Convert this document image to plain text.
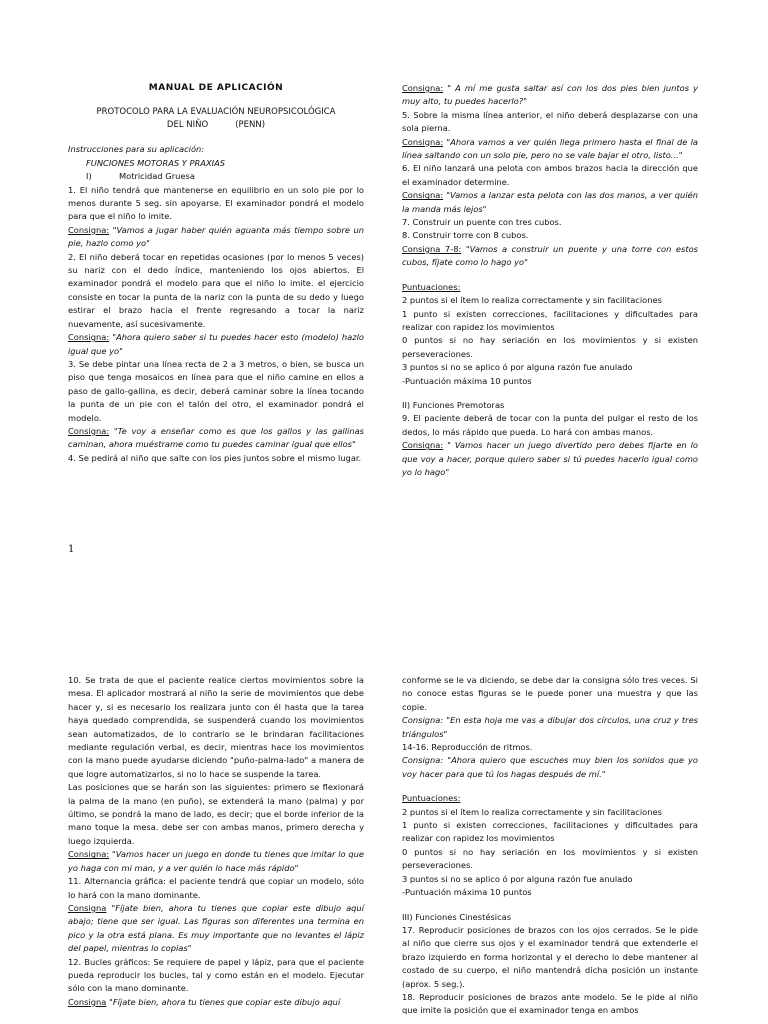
MANUAL DE APLICACIÓN

PROTOCOLO PARA LA EVALUACIÓN NEUROPSICOLÓGICA

DEL NIÑO          (PENN)

Instrucciones para su aplicación:

FUNCIONES MOTORAS Y PRAXIAS

I)	Motricidad Gruesa

1. El niño tendrá que mantenerse en equilibrio en un solo pie por lo menos durante 5 seg. sin apoyarse. El examinador pondrá el modelo para que el niño lo imite.

Consigna: "Vamos a jugar haber quién aguanta más tiempo sobre un pie, hazlo como yo"

2. El niño deberá tocar en repetidas ocasiones (por lo menos 5 veces) su nariz con el dedo índice, manteniendo los ojos abiertos. El examinador pondrá el modelo para que el niño lo imite. el ejercicio consiste en tocar la punta de la nariz con la punta de su dedo y luego estirar el brazo hacia el frente regresando a tocar la nariz nuevamente, así sucesivamente.

Consigna: "Ahora quiero saber si tu puedes hacer esto (modelo) hazlo igual que yo"

3. Se debe pintar una línea recta de 2 a 3 metros, o bien, se busca un piso que tenga mosaicos en línea para que el niño camine en ellos a paso de gallo-gallina, es decir, deberá caminar sobre la línea tocando la punta de un pie con el talón del otro, el examinador pondrá el modelo.

Consigna: "Te voy a enseñar como es que los gallos y las gallinas caminan, ahora muéstrame como tu puedes caminar igual que ellos"

4. Se pedirá al niño que salte con los pies juntos sobre el mismo lugar.

Consigna: " A mí me gusta saltar así con los dos pies bien juntos y muy alto, tu puedes hacerlo?"

5. Sobre la misma línea anterior, el niño deberá desplazarse con una sola pierna.

Consigna: "Ahora vamos a ver quién llega primero hasta el final de la línea saltando con un solo pie, pero no se vale bajar el otro, listo..."

6. El niño lanzará una pelota con ambos brazos hacia la dirección que el examinador determine.

Consigna: "Vamos a lanzar esta pelota con las dos manos, a ver quién la manda más lejos"

7. Construir un puente con tres cubos.

8. Construir torre con 8 cubos.

Consigna 7-8: "Vamos a construir un puente y una torre con estos cubos, fíjate como lo hago yo"

Puntuaciones:

2 puntos si el ítem lo realiza correctamente y sin facilitaciones

1 punto si existen correcciones, facilitaciones y dificultades para realizar con rapidez los movimientos

0 puntos si no hay seriación en los movimientos y si existen perseveraciones.

3 puntos si no se aplico ó por alguna razón fue anulado

-Puntuación máxima 10 puntos

II) Funciones Premotoras

9. El paciente deberá de tocar con la punta del pulgar el resto de los dedos, lo más rápido que pueda. Lo hará con ambas manos.

Consigna: " Vamos hacer un juego divertido pero debes fijarte en lo que voy a hacer, porque quiero saber si tú puedes hacerlo igual como yo lo hago"

1

10. Se trata de que el paciente realice ciertos movimientos sobre la mesa. El aplicador mostrará al niño la serie de movimientos que debe hacer y, si es necesario los realizara junto con él hasta que la tarea haya quedado comprendida, se suspenderá cuando los movimientos sean automatizados, de lo contrario se le brindaran facilitaciones mediante regulación verbal, es decir, mientras hace los movimientos con la mano puede ayudarse diciendo "puño-palma-lado" a manera de que logre automatizarlos, si no lo hace se suspende la tarea.

Las posiciones que se harán son las siguientes: primero se flexionará la palma de la mano (en puño), se extenderá la mano (palma) y por último, se pondrá la mano de lado, es decir; que el borde inferior de la mano toque la mesa. debe ser con ambas manos, primero derecha y luego izquierda.

Consigna: "Vamos hacer un juego en donde tu tienes que imitar lo que yo haga con mi man, y a ver quién lo hace más rápido"

11. Alternancia gráfica: el paciente tendrá que copiar un modelo, sólo lo hará con la mano dominante.

Consigna "Fíjate bien, ahora tu tienes que copiar este dibujo aquí abajo; tiene que ser igual. Las figuras son diferentes una termina en pico y la otra está plana. Es muy importante que no levantes el lápiz del papel, mientras lo copias"

12. Bucles gráficos: Se requiere de papel y lápiz, para que el paciente pueda reproducir los bucles, tal y como están en el modelo. Ejecutar sólo con la mano dominante.

Consigna "Fíjate bien, ahora tu tienes que copiar este dibujo aquí

conforme se le va diciendo, se debe dar la consigna sólo tres veces. Si no conoce estas figuras se le puede poner una muestra y que las copie.

Consigna: "En esta hoja me vas a dibujar dos círculos, una cruz y tres triángulos"

14-16. Reproducción de ritmos.

Consigna: "Ahora quiero que escuches muy bien los sonidos que yo voy hacer para que tú los hagas después de mí."

Puntuaciones:

2 puntos si el ítem lo realiza correctamente y sin facilitaciones

1 punto si existen correcciones, facilitaciones y dificultades para realizar con rapidez los movimientos

0 puntos si no hay seriación en los movimientos y si existen perseveraciones.

3 puntos si no se aplico ó por alguna razón fue anulado

-Puntuación máxima 10 puntos

III) Funciones Cinestésicas

17. Reproducir posiciones de brazos con los ojos cerrados. Se le pide al niño que cierre sus ojos y el examinador tendrá que extenderle el brazo izquierdo en forma horizontal y el derecho lo debe mantener al costado de su cuerpo, el niño mantendrá dicha posición un instante (aprox. 5 seg.).

18. Reproducir posiciones de brazos ante modelo. Se le pide al niño que imite la posición que el examinador tenga en ambos
